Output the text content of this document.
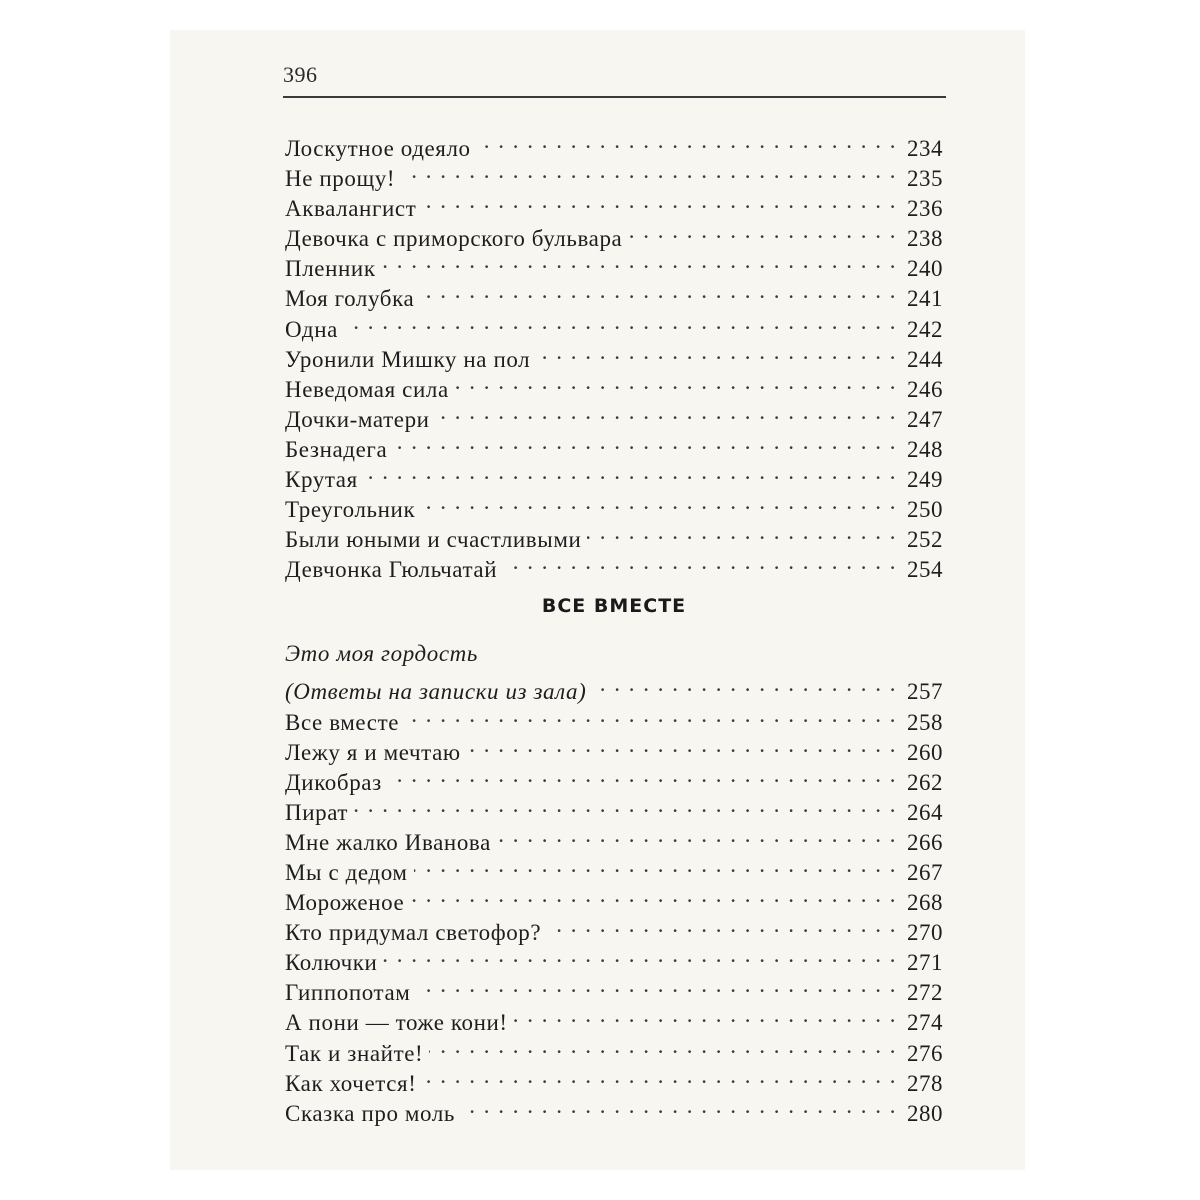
396
Лоскутное одеяло . . .	234
Не прощу! . . .	235
Аквалангист . . .	236
Девочка с приморского бульвара . . .	238
Пленник . . .	240
Моя голубка . . .	241
Одна . . .	242
Уронили Мишку на пол . . .	244
Неведомая сила . . .	246
Дочки-матери . . .	247
Безнадега . . .	248
Крутая . . .	249
Треугольник . . .	250
Были юными и счастливыми . . .	252
Девчонка Гюльчатай . . .	254
ВСЕ ВМЕСТЕ
Это моя гордость
(Ответы на записки из зала) . . .	257
Все вместе . . .	258
Лежу я и мечтаю . . .	260
Дикобраз . . .	262
Пират . . .	264
Мне жалко Иванова . . .	266
Мы с дедом . . .	267
Мороженое . . .	268
Кто придумал светофор? . . .	270
Колючки . . .	271
Гиппопотам . . .	272
А пони — тоже кони! . . .	274
Так и знайте! . . .	276
Как хочется! . . .	278
Сказка про моль . . .	280
